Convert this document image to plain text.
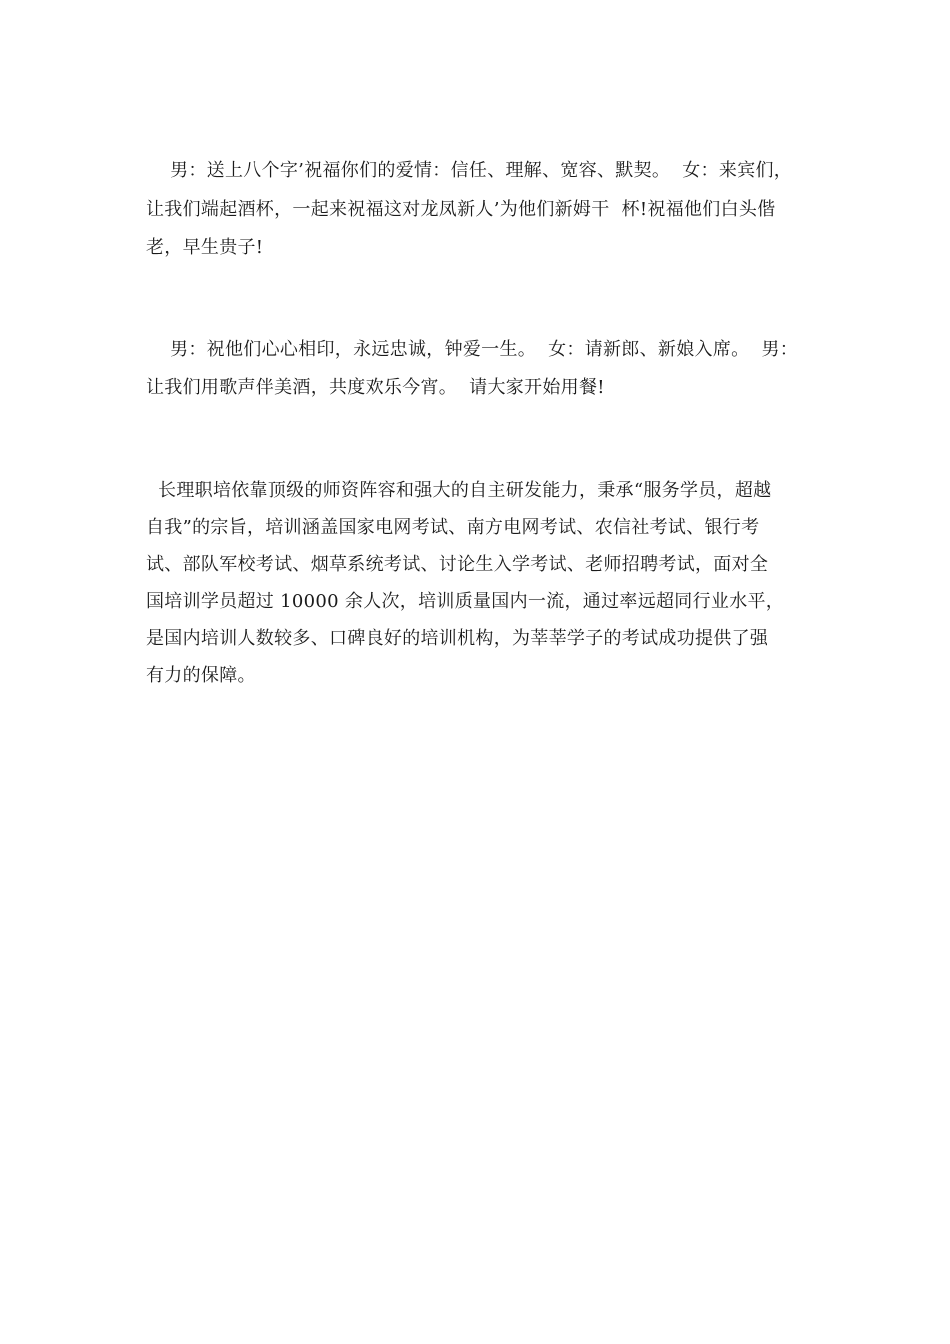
男：送上八个字’祝福你们的爱情：信任、理解、宽容、默契。  女：来宾们，
让我们端起酒杯，一起来祝福这对龙凤新人’为他们新姆干  杯!祝福他们白头偕
老，早生贵子!
男：祝他们心心相印，永远忠诚，钟爱一生。  女：请新郎、新娘入席。  男：
让我们用歌声伴美酒，共度欢乐今宵。  请大家开始用餐!
长理职培依靠顶级的师资阵容和强大的自主研发能力，秉承“服务学员，超越
自我”的宗旨，培训涵盖国家电网考试、南方电网考试、农信社考试、银行考
试、部队军校考试、烟草系统考试、讨论生入学考试、老师招聘考试，面对全
国培训学员超过 10000 余人次，培训质量国内一流，通过率远超同行业水平，
是国内培训人数较多、口碑良好的培训机构，为莘莘学子的考试成功提供了强
有力的保障。
